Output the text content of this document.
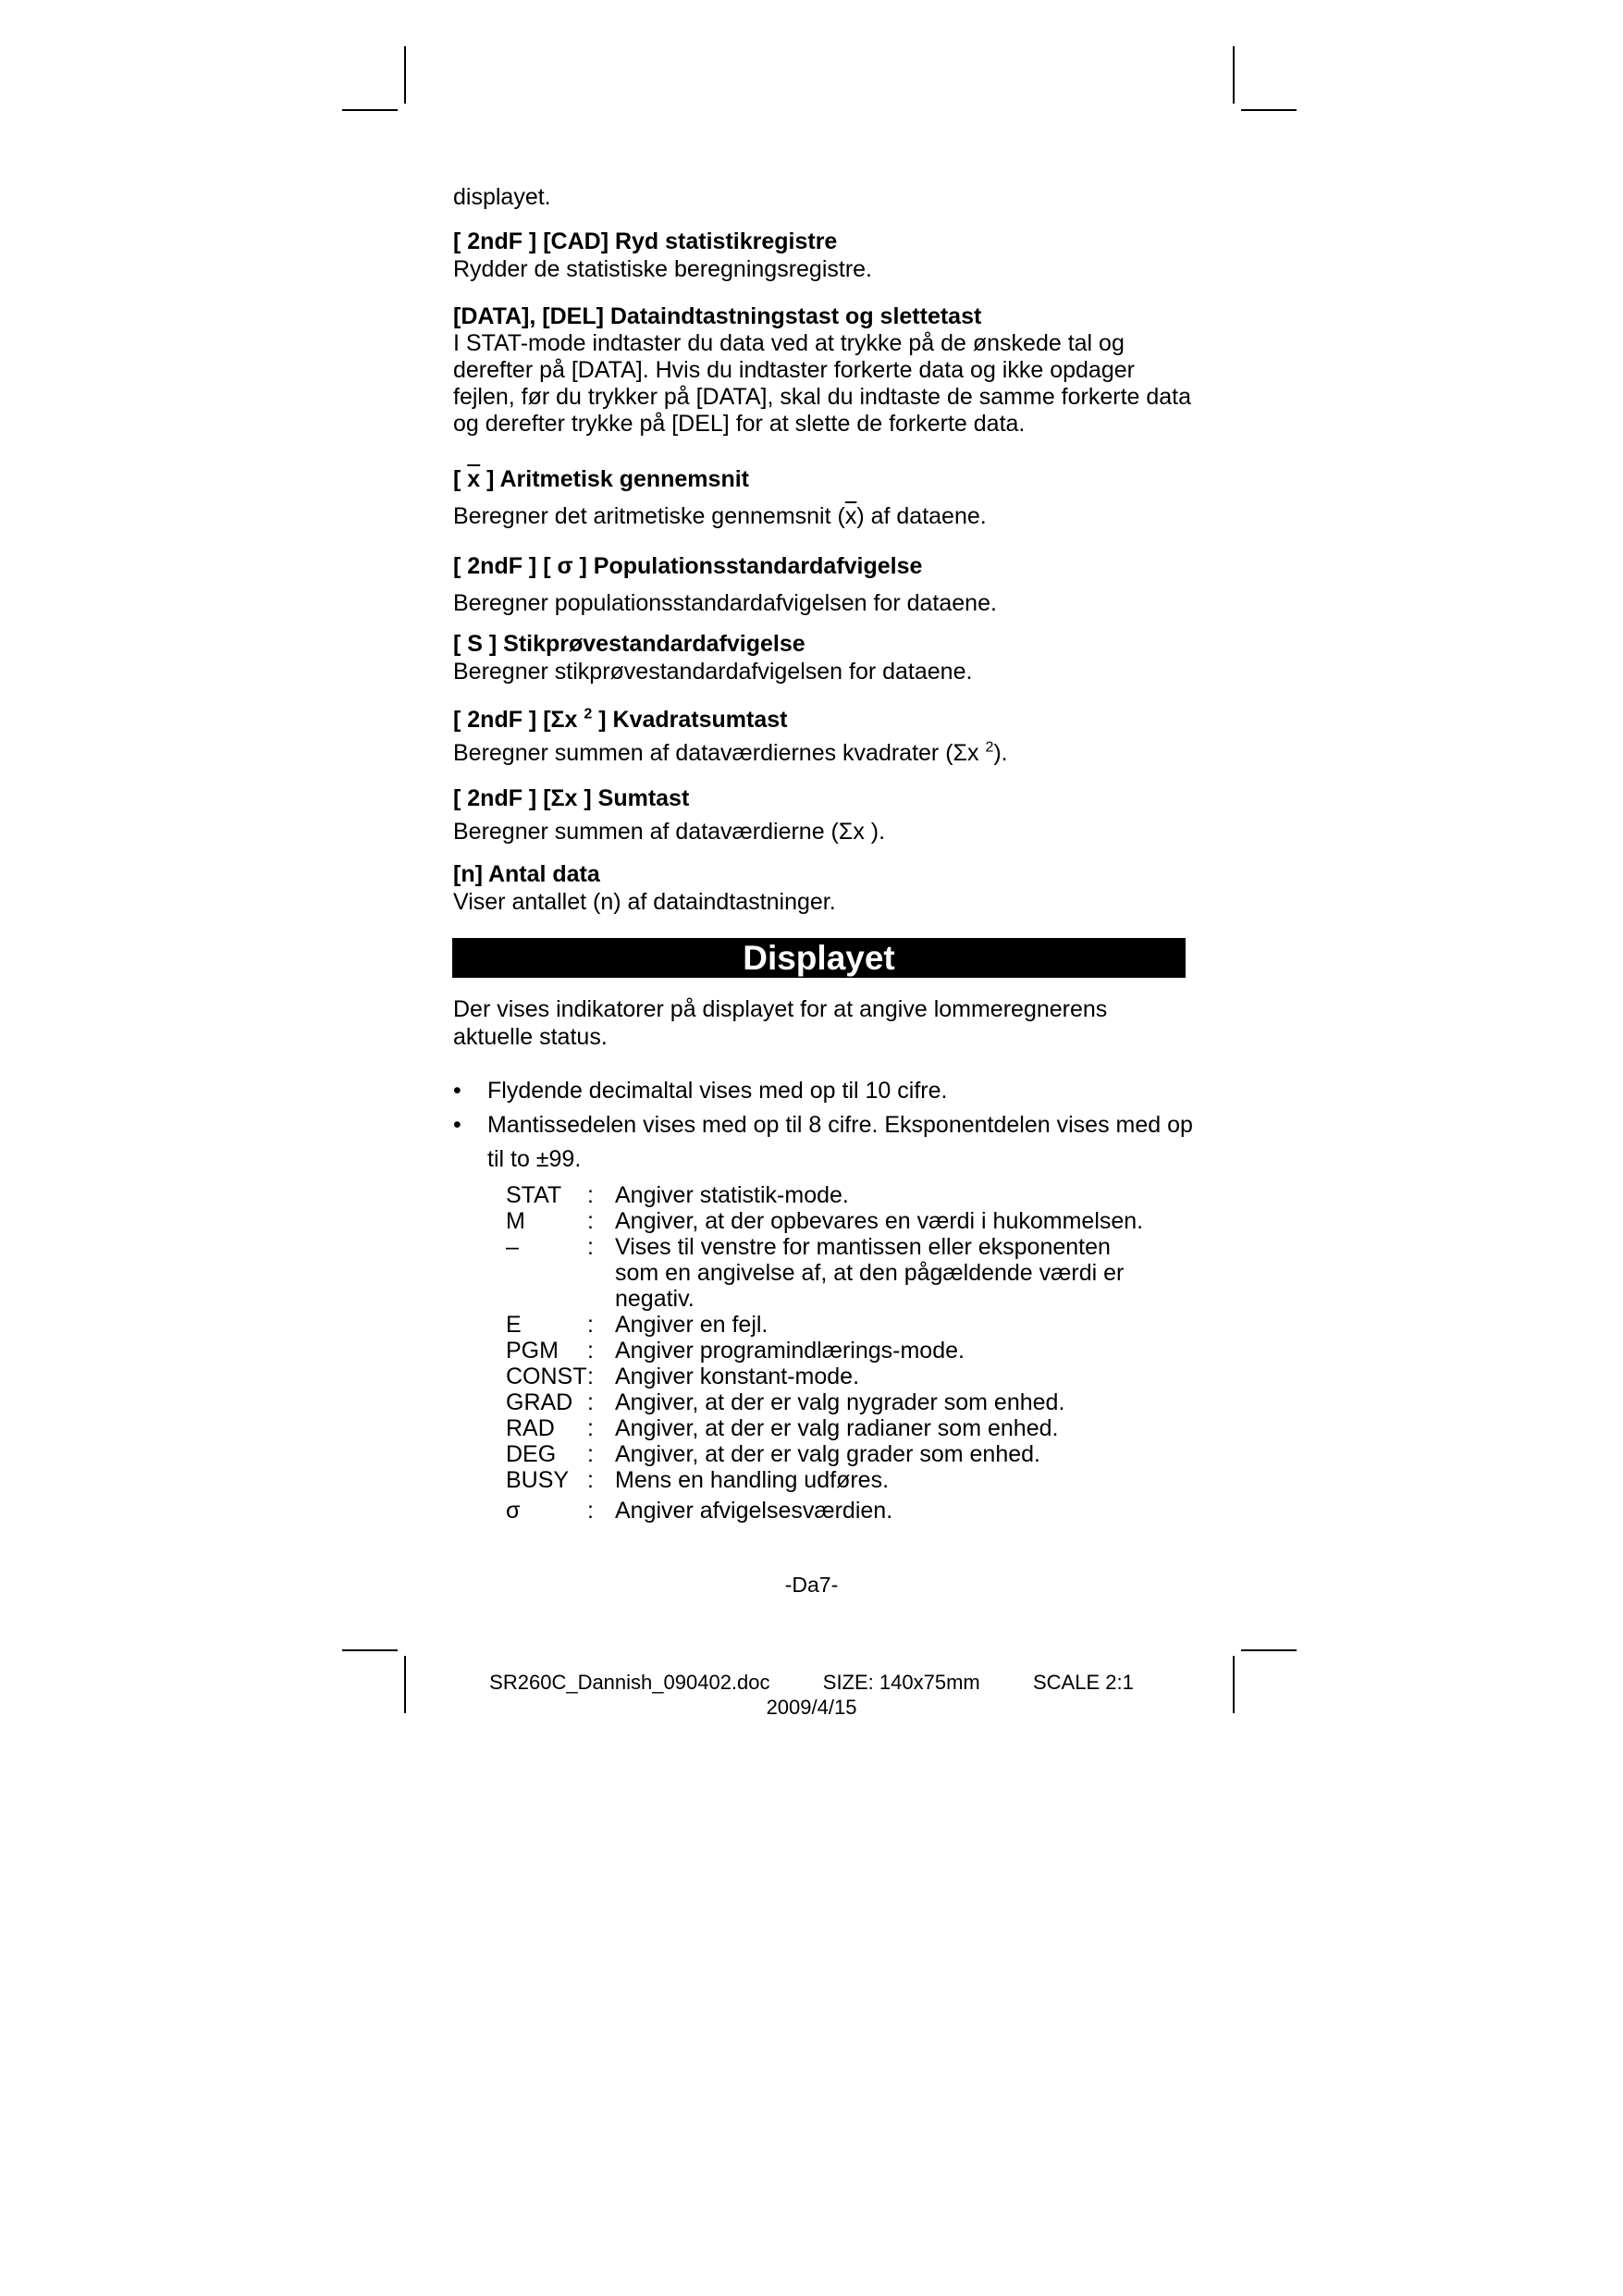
displayet.
[ 2ndF ] [CAD] Ryd statistikregistre
Rydder de statistiske beregningsregistre.
[DATA], [DEL] Dataindtastningstast og slettetast
I STAT-mode indtaster du data ved at trykke på de ønskede tal og derefter på [DATA]. Hvis du indtaster forkerte data og ikke opdager fejlen, før du trykker på [DATA], skal du indtaste de samme forkerte data og derefter trykke på [DEL] for at slette de forkerte data.
[ $\overline{x}$ ] Aritmetisk gennemsnit
Beregner det aritmetiske gennemsnit $(\overline{x})$ af dataene.
[ 2ndF ] [ σ ] Populationsstandardafvigelse
Beregner populationsstandardafvigelsen for dataene.
[ S ] Stikprøvestandardafvigelse
Beregner stikprøvestandardafvigelsen for dataene.
[ 2ndF ] [Σx $^2$ ] Kvadratsumtast
Beregner summen af dataværdiernes kvadrater (Σx $^2$).
[ 2ndF ] [Σx ] Sumtast
Beregner summen af dataværdierne (Σx ).
[n] Antal data
Viser antallet (n) af dataindtastninger.
Displayet
Der vises indikatorer på displayet for at angive lommeregnerens aktuelle status.
• Flydende decimaltal vises med op til 10 cifre.
• Mantissedelen vises med op til 8 cifre. Eksponentdelen vises med op til to ±99.
STAT	:	Angiver statistik-mode.
M	:	Angiver, at der opbevares en værdi i hukommelsen.
–	:	Vises til venstre for mantissen eller eksponenten som en angivelse af, at den pågældende værdi er negativ.
E	:	Angiver en fejl.
PGM	:	Angiver programindlærings-mode.
CONST	:	Angiver konstant-mode.
GRAD	:	Angiver, at der er valg nygrader som enhed.
RAD	:	Angiver, at der er valg radianer som enhed.
DEG	:	Angiver, at der er valg grader som enhed.
BUSY	:	Mens en handling udføres.
σ	:	Angiver afvigelsesværdien.
-Da7-
SR260C_Dannish_090402.doc	SIZE: 140x75mm	SCALE 2:1
2009/4/15
